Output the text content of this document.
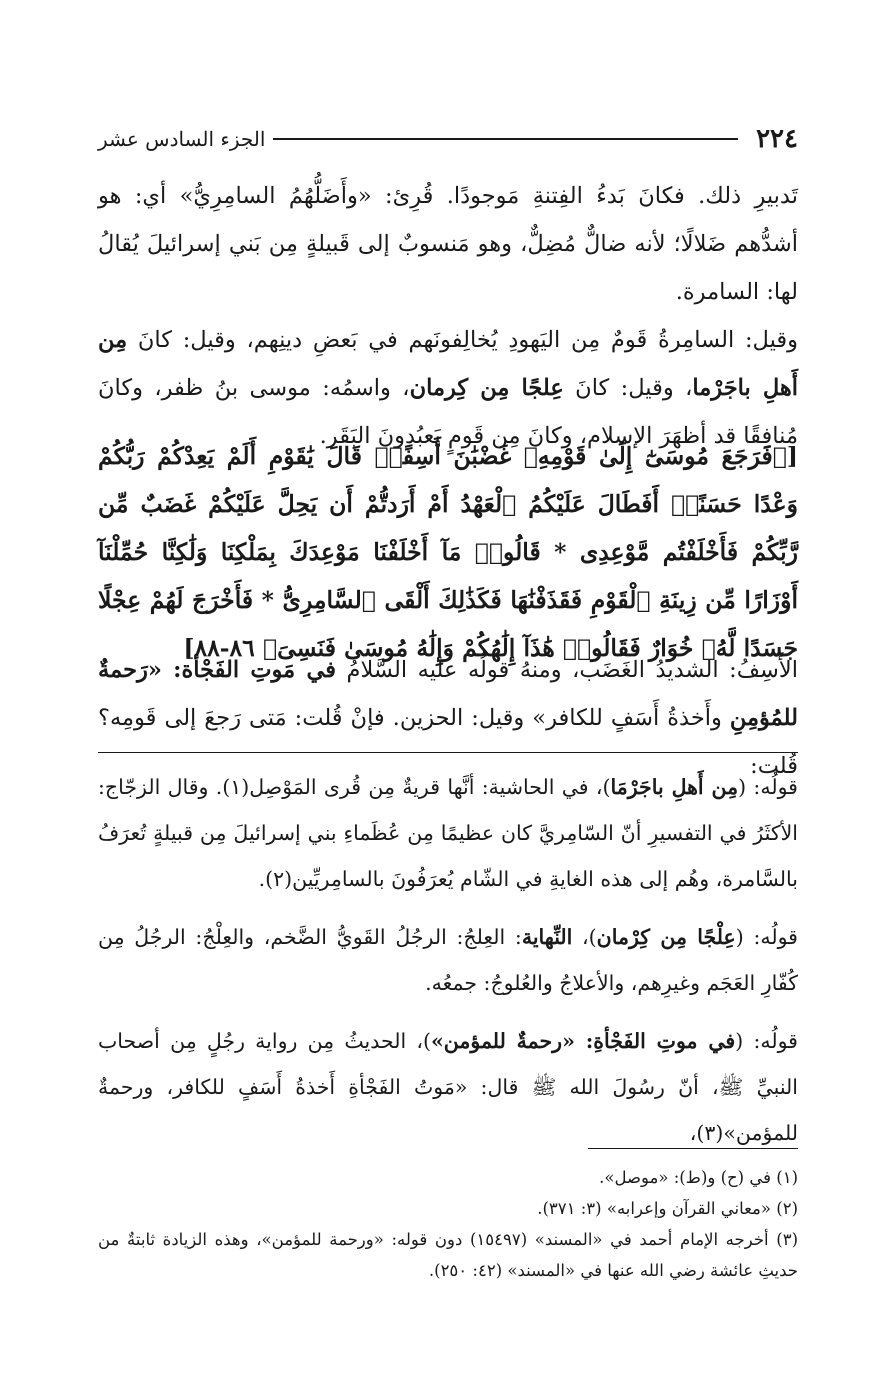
٢٢٤
الجزء السادس عشر

تَدبيرِ ذلك. فكانَ بَدءُ الفِتنةِ مَوجودًا. قُرِئ: «وأَضَلُّهُمُ السامِرِيُّ» أي: هو أشدُّهم ضَلالًا؛ لأنه ضالٌّ مُضِلٌّ، وهو مَنسوبٌ إلى قَبيلةٍ مِن بَني إسرائيلَ يُقالُ لها: السامرة.

وقيل: السامِرةُ قَومٌ مِن اليَهودِ يُخالِفونَهم في بَعضِ دينِهم، وقيل: كانَ مِن أَهلِ باجَرْما، وقيل: كانَ عِلجًا مِن كِرمان، واسمُه: موسى بنُ ظفر، وكانَ مُنافِقًا قد أظهَرَ الإسلام، وكانَ مِن قَومٍ يَعبُدونَ البَقَر.

[﴿فَرَجَعَ مُوسَىٰٓ إِلَىٰ قَوْمِهِۦ غَضْبَٰنَ أَسِفًاۚ قَالَ يَٰقَوْمِ أَلَمْ يَعِدْكُمْ رَبُّكُمْ وَعْدًا حَسَنًاۚ أَفَطَالَ عَلَيْكُمُ ٱلْعَهْدُ أَمْ أَرَدتُّمْ أَن يَحِلَّ عَلَيْكُمْ غَضَبٌ مِّن رَّبِّكُمْ فَأَخْلَفْتُم مَّوْعِدِى * قَالُوا۟ مَآ أَخْلَفْنَا مَوْعِدَكَ بِمَلْكِنَا وَلَٰكِنَّا حُمِّلْنَآ أَوْزَارًا مِّن زِينَةِ ٱلْقَوْمِ فَقَذَفْنَٰهَا فَكَذَٰلِكَ أَلْقَى ٱلسَّامِرِىُّ * فَأَخْرَجَ لَهُمْ عِجْلًا جَسَدًا لَّهُۥ خُوَارٌ فَقَالُوا۟ هَٰذَآ إِلَٰهُكُمْ وَإِلَٰهُ مُوسَىٰ فَنَسِىَ﴾ ٨٦-٨٨]

الأَسِفُ: الشديدُ الغَضَب، ومنهُ قولُه عليه السَّلامُ في مَوتِ الفَجْأة: «رَحمةٌ للمُؤمِنِ وأَخذةُ أَسَفٍ للكافر» وقيل: الحزين. فإنْ قُلت: مَتى رَجعَ إلى قَومِه؟ قُلت:

قولُه: (مِن أَهلِ باجَرْمَا)، في الحاشية: أنَّها قريةٌ مِن قُرى المَوْصِل(١). وقال الزجّاج: الأكثَرُ في التفسيرِ أنّ السّامِريَّ كان عظيمًا مِن عُظَماءِ بني إسرائيلَ مِن قبيلةٍ تُعرَفُ بالسَّامرة، وهُم إلى هذه الغايةِ في الشّام يُعرَفُونَ بالسامِريِّين(٢).

قولُه: (عِلْجًا مِن كِرْمان)، النِّهاية: العِلجُ: الرجُلُ القَويُّ الضَّخم، والعِلْجُ: الرجُلُ مِن كُفّارِ العَجَم وغيرِهم، والأعلاجُ والعُلوجُ: جمعُه.

قولُه: (في موتِ الفَجْأةِ: «رحمةٌ للمؤمن»)، الحديثُ مِن رواية رجُلٍ مِن أصحاب النبيِّ ﷺ، أنّ رسُولَ الله ﷺ قال: «مَوتُ الفَجْأةِ أَخذةُ أَسَفٍ للكافر، ورحمةٌ للمؤمن»(٣)،

(١) في (ح) و(ط): «موصل».

(٢) «معاني القرآن وإعرابه» (٣: ٣٧١).

(٣) أخرجه الإمام أحمد في «المسند» (١٥٤٩٧) دون قوله: «ورحمة للمؤمن»، وهذه الزيادة ثابتةٌ من حديثِ عائشة رضي الله عنها في «المسند» (٤٢: ٢٥٠).
